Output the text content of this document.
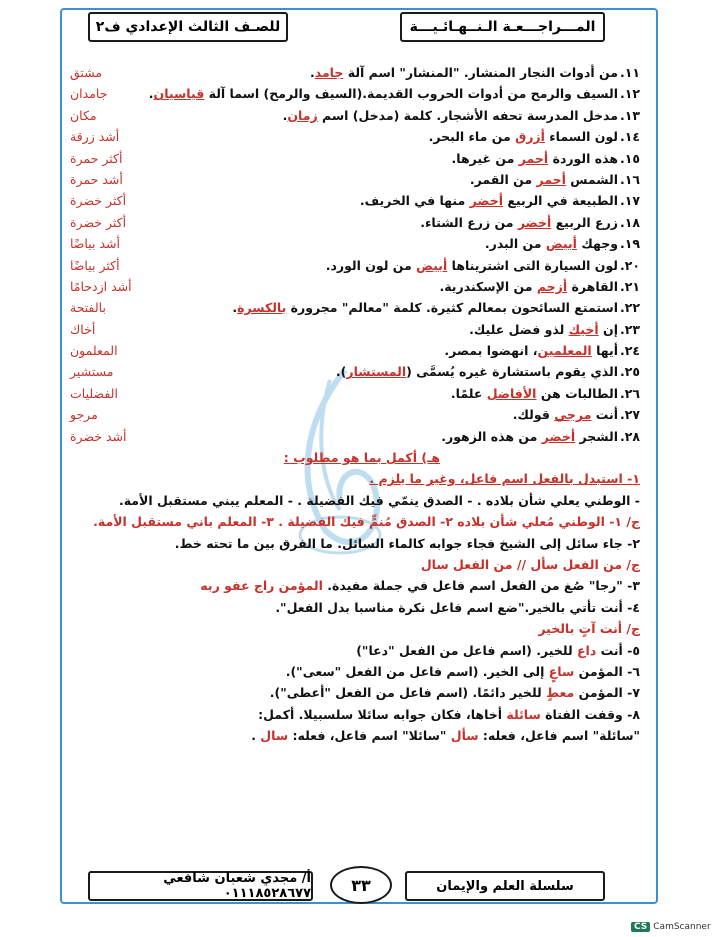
المـــراجـــعـة الـنــهـائـيـــة
للصـف الثالث الإعدادي ف٢
١١.من أدوات النجار المنشار. "المنشار" اسم آلة جامد.
مشتق
١٢.السيف والرمح من أدوات الحروب القديمة.(السيف والرمح) اسما آلة قياسيان.
جامدان
١٣.مدخل المدرسة تحفه الأشجار. كلمة (مدخل) اسم زمان.
مكان
١٤.لون السماء أزرق من ماء البحر.
أشد زرقة
١٥.هذه الوردة أحمر من غيرها.
أكثر حمرة
١٦.الشمس أحمر من القمر.
أشد حمرة
١٧.الطبيعة في الربيع أخضر منها في الخريف.
أكثر خضرة
١٨.زرع الربيع أخضر من زرع الشتاء.
أكثر خضرة
١٩.وجهك أبيض من البدر.
أشد بياضًا
٢٠.لون السيارة التى اشتريناها أبيض من لون الورد.
أكثر بياضًا
٢١.القاهرة أزحم من الإسكندرية.
أشد ازدحامًا
٢٢.استمتع السائحون بمعالم كثيرة. كلمة "معالم" مجرورة بالكسرة.
بالفتحة
٢٣.إن أخيك لذو فضل عليك.
أخاك
٢٤.أيها المعلمين، انهضوا بمصر.
المعلمون
٢٥.الذي يقوم باستشارة غيره يُسمَّى (المستشار).
مستشير
٢٦.الطالبات هن الأفاضل علمًا.
الفضليات
٢٧.أنت مرجي قولك.
مرجو
٢٨.الشجر أخضر من هذه الزهور.
أشد خضرة
هـ) أكمل بما هو مطلوب :
١- استبدل بالفعل اسم فاعل، وغير ما يلزم .
- الوطني يعلي شأن بلاده . - الصدق ينمّي فيك الفضيلة . - المعلم يبني مستقبل الأمة.
ج/ ١- الوطني مُعلي شأن بلاده ٢- الصدق مُنمٍّ فيك الفضيلة . ٣- المعلم باني مستقبل الأمة.
٢- جاء سائل إلى الشيخ فجاء جوابه كالماء السائل. ما الفرق بين ما تحته خط.
ج/ من الفعل سأل // من الفعل سال
٣- "رجا" صُغ من الفعل اسم فاعل في جملة مفيدة. المؤمن راج عفو ربه
٤- أنت تأتي بالخير."ضع اسم فاعل نكرة مناسبا بدل الفعل".
ج/ أنت آتٍ بالخير
٥- أنت داع للخير. (اسم فاعل من الفعل "دعا")
٦- المؤمن ساعٍ إلى الخير. (اسم فاعل من الفعل "سعى").
٧- المؤمن معطٍ للخير دائمًا. (اسم فاعل من الفعل "أعطى").
٨- وقفت الفتاة سائلة أخاها، فكان جوابه سائلا سلسبيلا. أكمل:
"سائلة" اسم فاعل، فعله: سأل "سائلا" اسم فاعل، فعله: سال .
سلسلة العلم والإيمان
٣٣
أ/ مجدي شعبان شافعي ٠١١١٨٥٢٨٦٧٧
CS CamScanner
